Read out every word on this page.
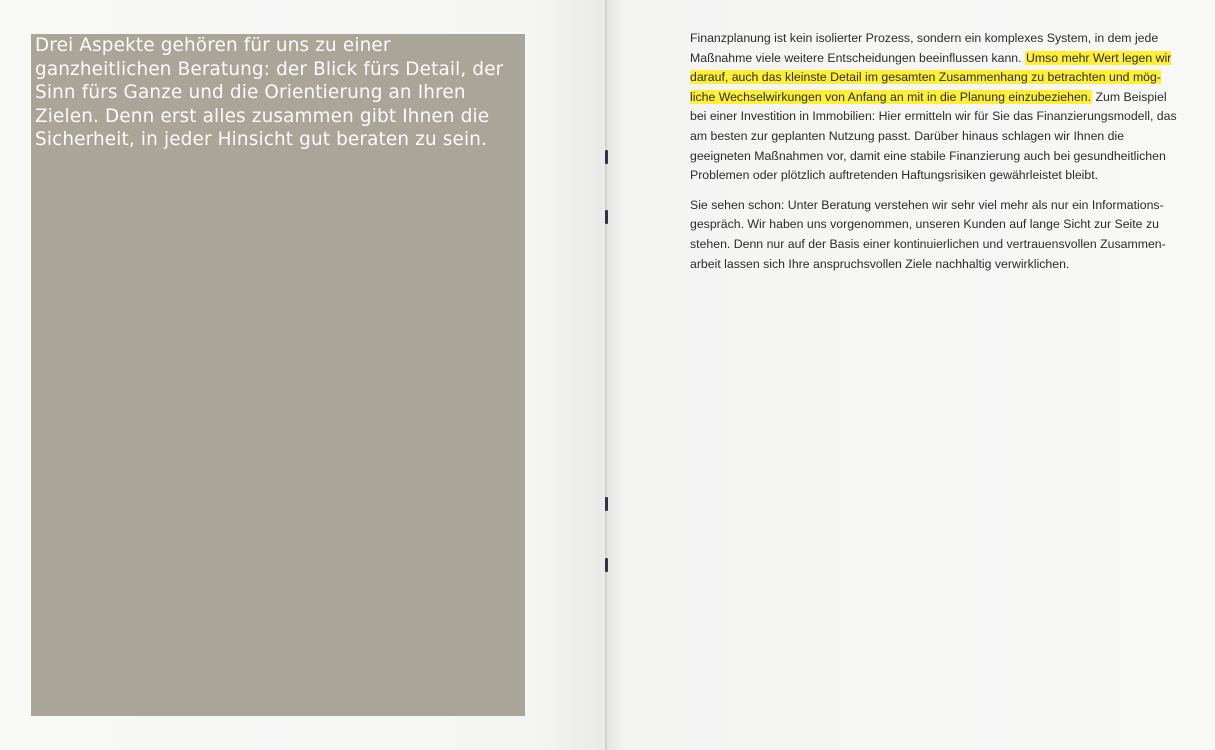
Drei Aspekte gehören für uns zu einer ganzheitlichen Beratung: der Blick fürs Detail, der Sinn fürs Ganze und die Orientierung an Ihren Zielen. Denn erst alles zusammen gibt Ihnen die Sicherheit, in jeder Hinsicht gut beraten zu sein.

Finanzplanung ist kein isolierter Prozess, sondern ein komplexes System, in dem jede Maßnahme viele weitere Entscheidungen beeinflussen kann. Umso mehr Wert legen wir darauf, auch das kleinste Detail im gesamten Zusammenhang zu betrachten und mögliche Wechselwirkungen von Anfang an mit in die Planung einzubeziehen. Zum Beispiel bei einer Investition in Immobilien: Hier ermitteln wir für Sie das Finanzierungsmodell, das am besten zur geplanten Nutzung passt. Darüber hinaus schlagen wir Ihnen die geeigneten Maßnahmen vor, damit eine stabile Finanzierung auch bei gesundheitlichen Problemen oder plötzlich auftretenden Haftungsrisiken gewährleistet bleibt.

Sie sehen schon: Unter Beratung verstehen wir sehr viel mehr als nur ein Informationsgespräch. Wir haben uns vorgenommen, unseren Kunden auf lange Sicht zur Seite zu stehen. Denn nur auf der Basis einer kontinuierlichen und vertrauensvollen Zusammenarbeit lassen sich Ihre anspruchsvollen Ziele nachhaltig verwirklichen.
